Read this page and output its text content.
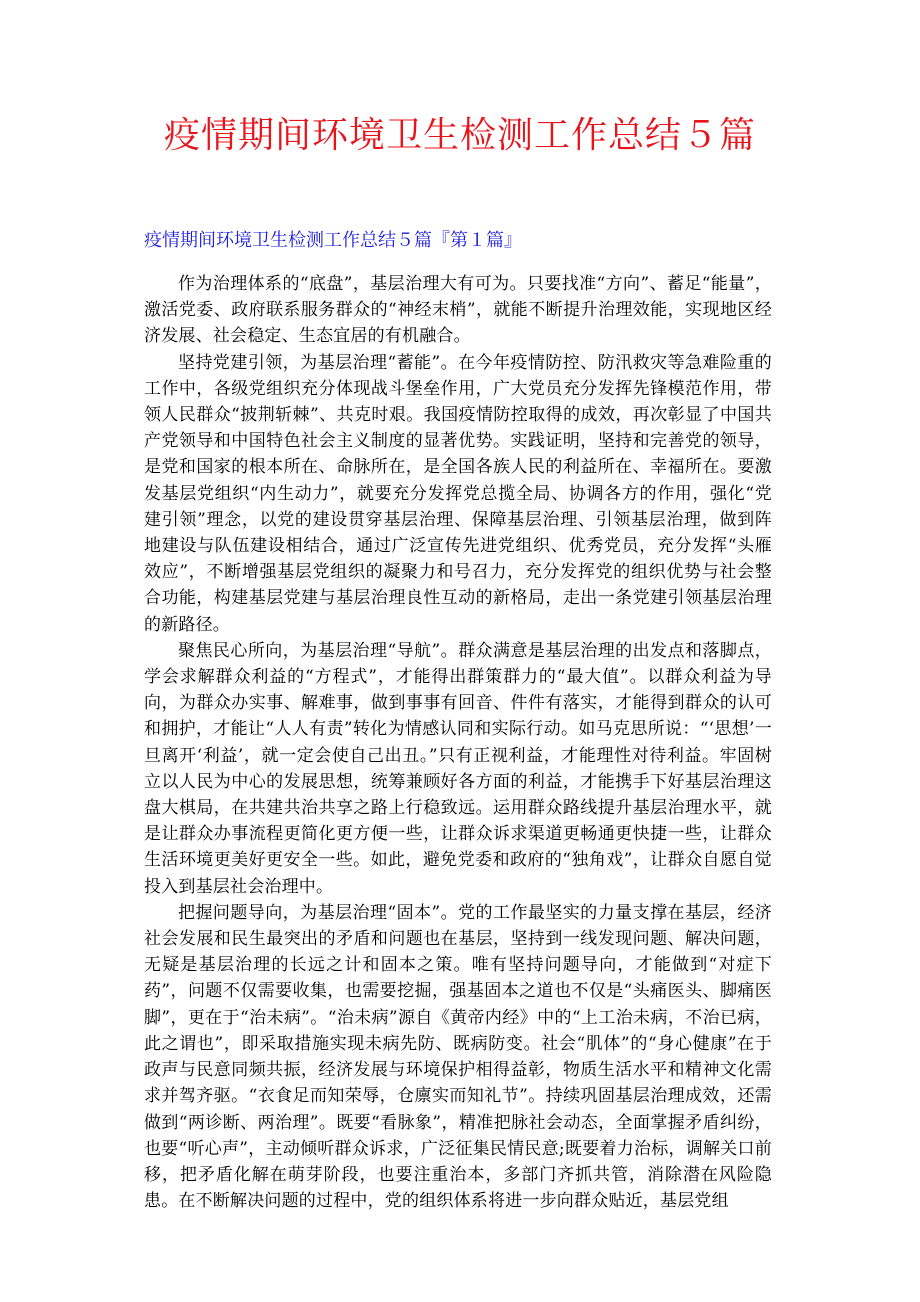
疫情期间环境卫生检测工作总结５篇
疫情期间环境卫生检测工作总结５篇『第１篇』

作为治理体系的“底盘”，基层治理大有可为。只要找准“方向”、蓄足“能量”，激活党委、政府联系服务群众的“神经末梢”，就能不断提升治理效能，实现地区经济发展、社会稳定、生态宜居的有机融合。

坚持党建引领，为基层治理“蓄能”。在今年疫情防控、防汛救灾等急难险重的工作中，各级党组织充分体现战斗堡垒作用，广大党员充分发挥先锋模范作用，带领人民群众“披荆斩棘”、共克时艰。我国疫情防控取得的成效，再次彰显了中国共产党领导和中国特色社会主义制度的显著优势。实践证明，坚持和完善党的领导，是党和国家的根本所在、命脉所在，是全国各族人民的利益所在、幸福所在。要激发基层党组织“内生动力”，就要充分发挥党总揽全局、协调各方的作用，强化“党建引领”理念，以党的建设贯穿基层治理、保障基层治理、引领基层治理，做到阵地建设与队伍建设相结合，通过广泛宣传先进党组织、优秀党员，充分发挥“头雁效应”，不断增强基层党组织的凝聚力和号召力，充分发挥党的组织优势与社会整合功能，构建基层党建与基层治理良性互动的新格局，走出一条党建引领基层治理的新路径。

聚焦民心所向，为基层治理“导航”。群众满意是基层治理的出发点和落脚点，学会求解群众利益的“方程式”，才能得出群策群力的“最大值”。以群众利益为导向，为群众办实事、解难事，做到事事有回音、件件有落实，才能得到群众的认可和拥护，才能让“人人有责”转化为情感认同和实际行动。如马克思所说：“‘思想’一旦离开‘利益’，就一定会使自己出丑。”只有正视利益，才能理性对待利益。牢固树立以人民为中心的发展思想，统筹兼顾好各方面的利益，才能携手下好基层治理这盘大棋局，在共建共治共享之路上行稳致远。运用群众路线提升基层治理水平，就是让群众办事流程更简化更方便一些，让群众诉求渠道更畅通更快捷一些，让群众生活环境更美好更安全一些。如此，避免党委和政府的“独角戏”，让群众自愿自觉投入到基层社会治理中。

把握问题导向，为基层治理“固本”。党的工作最坚实的力量支撑在基层，经济社会发展和民生最突出的矛盾和问题也在基层，坚持到一线发现问题、解决问题，无疑是基层治理的长远之计和固本之策。唯有坚持问题导向，才能做到“对症下药”，问题不仅需要收集，也需要挖掘，强基固本之道也不仅是“头痛医头、脚痛医脚”，更在于“治未病”。“治未病”源自《黄帝内经》中的“上工治未病，不治已病，此之谓也”，即采取措施实现未病先防、既病防变。社会“肌体”的“身心健康”在于政声与民意同频共振，经济发展与环境保护相得益彰，物质生活水平和精神文化需求并驾齐驱。“衣食足而知荣辱，仓廪实而知礼节”。持续巩固基层治理成效，还需做到“两诊断、两治理”。既要“看脉象”，精准把脉社会动态，全面掌握矛盾纠纷，也要“听心声”，主动倾听群众诉求，广泛征集民情民意;既要着力治标，调解关口前移，把矛盾化解在萌芽阶段，也要注重治本，多部门齐抓共管，消除潜在风险隐患。在不断解决问题的过程中，党的组织体系将进一步向群众贴近，基层党组
